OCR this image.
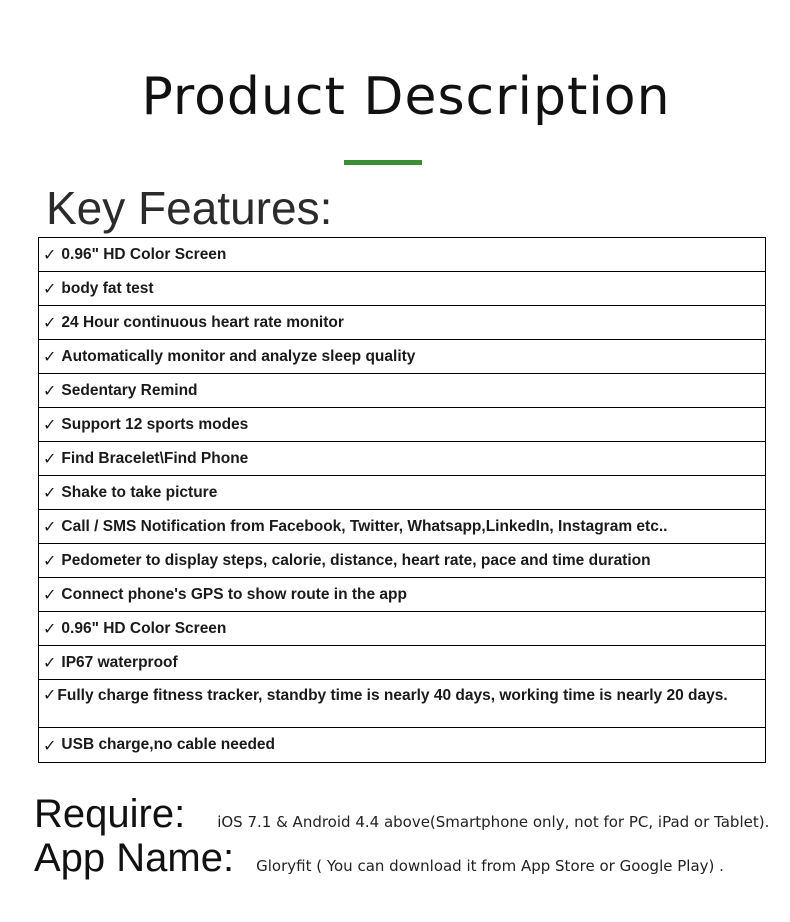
Product Description
Key Features:
✓ 0.96" HD Color Screen
✓ body fat test
✓ 24 Hour continuous heart rate monitor
✓ Automatically monitor and analyze sleep quality
✓ Sedentary Remind
✓ Support 12 sports modes
✓ Find Bracelet\Find Phone
✓ Shake to take picture
✓ Call / SMS Notification from Facebook, Twitter, Whatsapp,LinkedIn, Instagram etc..
✓ Pedometer to display steps, calorie, distance, heart rate, pace and time duration
✓ Connect phone's GPS to show route in the app
✓ 0.96" HD Color Screen
✓ IP67 waterproof
✓Fully charge fitness tracker, standby time is nearly 40 days, working time is nearly 20 days.
✓ USB charge,no cable needed
Require: iOS 7.1 & Android 4.4 above(Smartphone only, not for PC, iPad or Tablet).
App Name: Gloryfit ( You can download it from App Store or Google Play) .
